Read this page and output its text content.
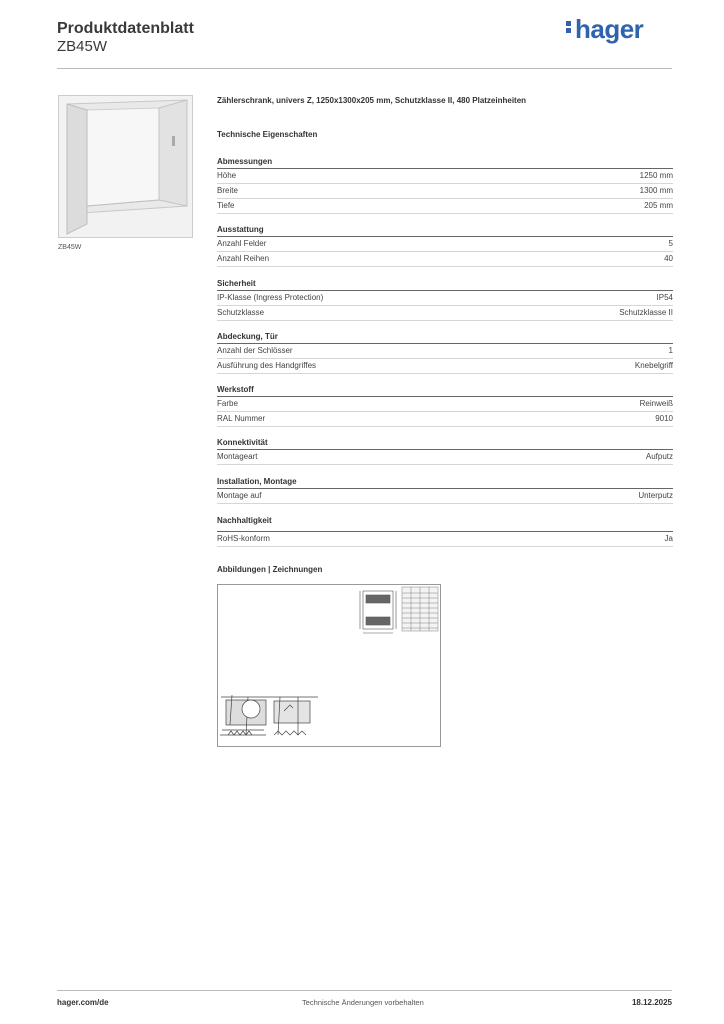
Produktdatenblatt
ZB45W
hager
ZB45W
Zählerschrank, univers Z, 1250x1300x205 mm, Schutzklasse II, 480 Platzeinheiten
Technische Eigenschaften
Abmessungen
Höhe	1250 mm
Breite	1300 mm
Tiefe	205 mm
Ausstattung
Anzahl Felder	5
Anzahl Reihen	40
Sicherheit
IP-Klasse (Ingress Protection)	IP54
Schutzklasse	Schutzklasse II
Abdeckung, Tür
Anzahl der Schlösser	1
Ausführung des Handgriffes	Knebelgriff
Werkstoff
Farbe	Reinweiß
RAL Nummer	9010
Konnektivität
Montageart	Aufputz
Installation, Montage
Montage auf	Unterputz
Nachhaltigkeit
RoHS-konform	Ja
Abbildungen | Zeichnungen
hager.com/de	Technische Änderungen vorbehalten	18.12.2025
